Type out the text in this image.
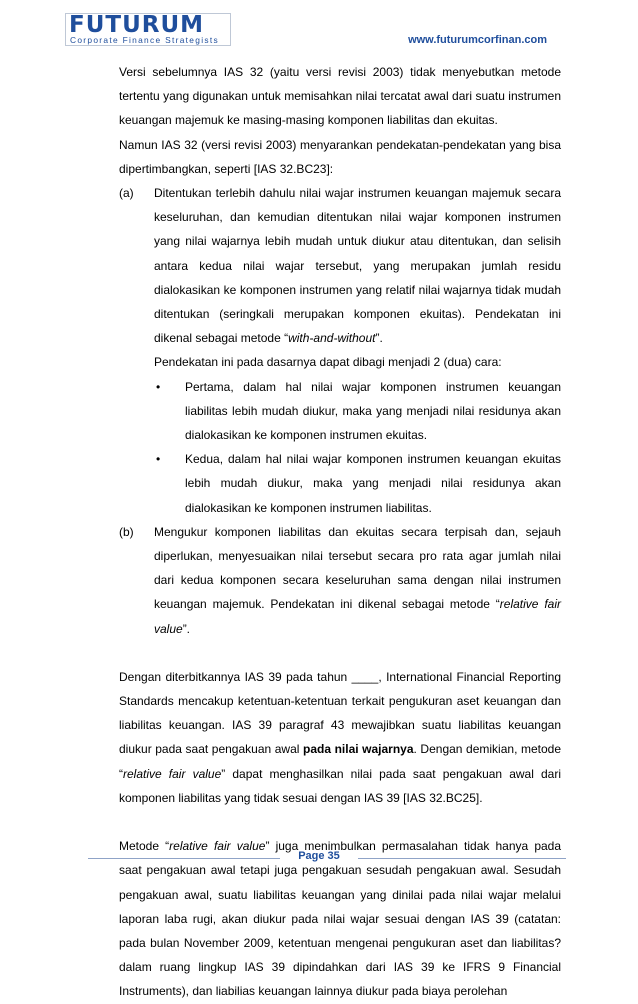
FUTURUM
Corporate Finance Strategists	www.futurumcorfinan.com

Versi sebelumnya IAS 32 (yaitu versi revisi 2003) tidak menyebutkan metode tertentu yang digunakan untuk memisahkan nilai tercatat awal dari suatu instrumen keuangan majemuk ke masing-masing komponen liabilitas dan ekuitas.

Namun IAS 32 (versi revisi 2003) menyarankan pendekatan-pendekatan yang bisa dipertimbangkan, seperti [IAS 32.BC23]:

(a) Ditentukan terlebih dahulu nilai wajar instrumen keuangan majemuk secara keseluruhan, dan kemudian ditentukan nilai wajar komponen instrumen yang nilai wajarnya lebih mudah untuk diukur atau ditentukan, dan selisih antara kedua nilai wajar tersebut, yang merupakan jumlah residu dialokasikan ke komponen instrumen yang relatif nilai wajarnya tidak mudah ditentukan (seringkali merupakan komponen ekuitas). Pendekatan ini dikenal sebagai metode “with-and-without”.
Pendekatan ini pada dasarnya dapat dibagi menjadi 2 (dua) cara:
• Pertama, dalam hal nilai wajar komponen instrumen keuangan liabilitas lebih mudah diukur, maka yang menjadi nilai residunya akan dialokasikan ke komponen instrumen ekuitas.
• Kedua, dalam hal nilai wajar komponen instrumen keuangan ekuitas lebih mudah diukur, maka yang menjadi nilai residunya akan dialokasikan ke komponen instrumen liabilitas.
(b) Mengukur komponen liabilitas dan ekuitas secara terpisah dan, sejauh diperlukan, menyesuaikan nilai tersebut secara pro rata agar jumlah nilai dari kedua komponen secara keseluruhan sama dengan nilai instrumen keuangan majemuk. Pendekatan ini dikenal sebagai metode “relative fair value”.

Dengan diterbitkannya IAS 39 pada tahun ____, International Financial Reporting Standards mencakup ketentuan-ketentuan terkait pengukuran aset keuangan dan liabilitas keuangan. IAS 39 paragraf 43 mewajibkan suatu liabilitas keuangan diukur pada saat pengakuan awal pada nilai wajarnya. Dengan demikian, metode “relative fair value” dapat menghasilkan nilai pada saat pengakuan awal dari komponen liabilitas yang tidak sesuai dengan IAS 39 [IAS 32.BC25].

Metode “relative fair value” juga menimbulkan permasalahan tidak hanya pada saat pengakuan awal tetapi juga pengakuan sesudah pengakuan awal. Sesudah pengakuan awal, suatu liabilitas keuangan yang dinilai pada nilai wajar melalui laporan laba rugi, akan diukur pada nilai wajar sesuai dengan IAS 39 (catatan: pada bulan November 2009, ketentuan mengenai pengukuran aset dan liabilitas? dalam ruang lingkup IAS 39 dipindahkan dari IAS 39 ke IFRS 9 Financial Instruments), dan liabilias keuangan lainnya diukur pada biaya perolehan

Page 35
